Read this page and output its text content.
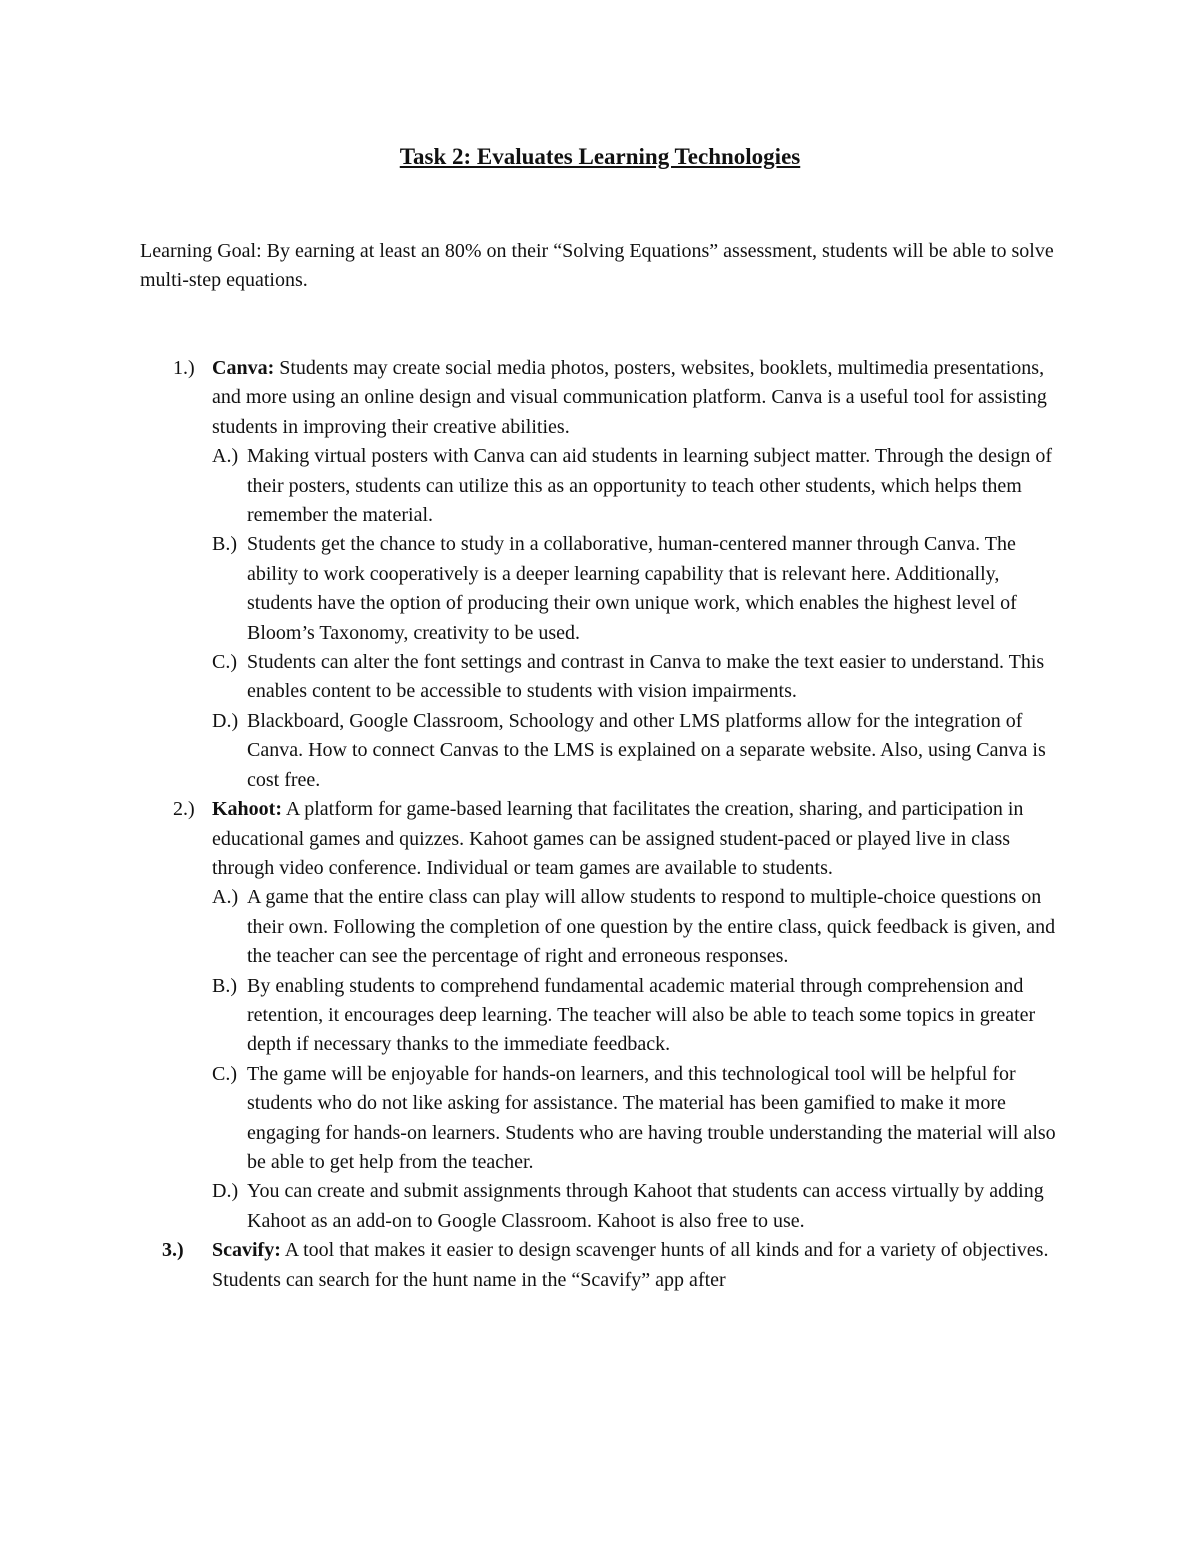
Task 2: Evaluates Learning Technologies

Learning Goal: By earning at least an 80% on their “Solving Equations” assessment, students will be able to solve multi-step equations.

1.) Canva: Students may create social media photos, posters, websites, booklets, multimedia presentations, and more using an online design and visual communication platform. Canva is a useful tool for assisting students in improving their creative abilities.
A.) Making virtual posters with Canva can aid students in learning subject matter. Through the design of their posters, students can utilize this as an opportunity to teach other students, which helps them remember the material.
B.) Students get the chance to study in a collaborative, human-centered manner through Canva. The ability to work cooperatively is a deeper learning capability that is relevant here. Additionally, students have the option of producing their own unique work, which enables the highest level of Bloom’s Taxonomy, creativity to be used.
C.) Students can alter the font settings and contrast in Canva to make the text easier to understand. This enables content to be accessible to students with vision impairments.
D.) Blackboard, Google Classroom, Schoology and other LMS platforms allow for the integration of Canva. How to connect Canvas to the LMS is explained on a separate website. Also, using Canva is cost free.
2.) Kahoot: A platform for game-based learning that facilitates the creation, sharing, and participation in educational games and quizzes. Kahoot games can be assigned student-paced or played live in class through video conference. Individual or team games are available to students.
A.) A game that the entire class can play will allow students to respond to multiple-choice questions on their own. Following the completion of one question by the entire class, quick feedback is given, and the teacher can see the percentage of right and erroneous responses.
B.) By enabling students to comprehend fundamental academic material through comprehension and retention, it encourages deep learning. The teacher will also be able to teach some topics in greater depth if necessary thanks to the immediate feedback.
C.) The game will be enjoyable for hands-on learners, and this technological tool will be helpful for students who do not like asking for assistance. The material has been gamified to make it more engaging for hands-on learners. Students who are having trouble understanding the material will also be able to get help from the teacher.
D.) You can create and submit assignments through Kahoot that students can access virtually by adding Kahoot as an add-on to Google Classroom. Kahoot is also free to use.
3.) Scavify: A tool that makes it easier to design scavenger hunts of all kinds and for a variety of objectives. Students can search for the hunt name in the “Scavify” app after
